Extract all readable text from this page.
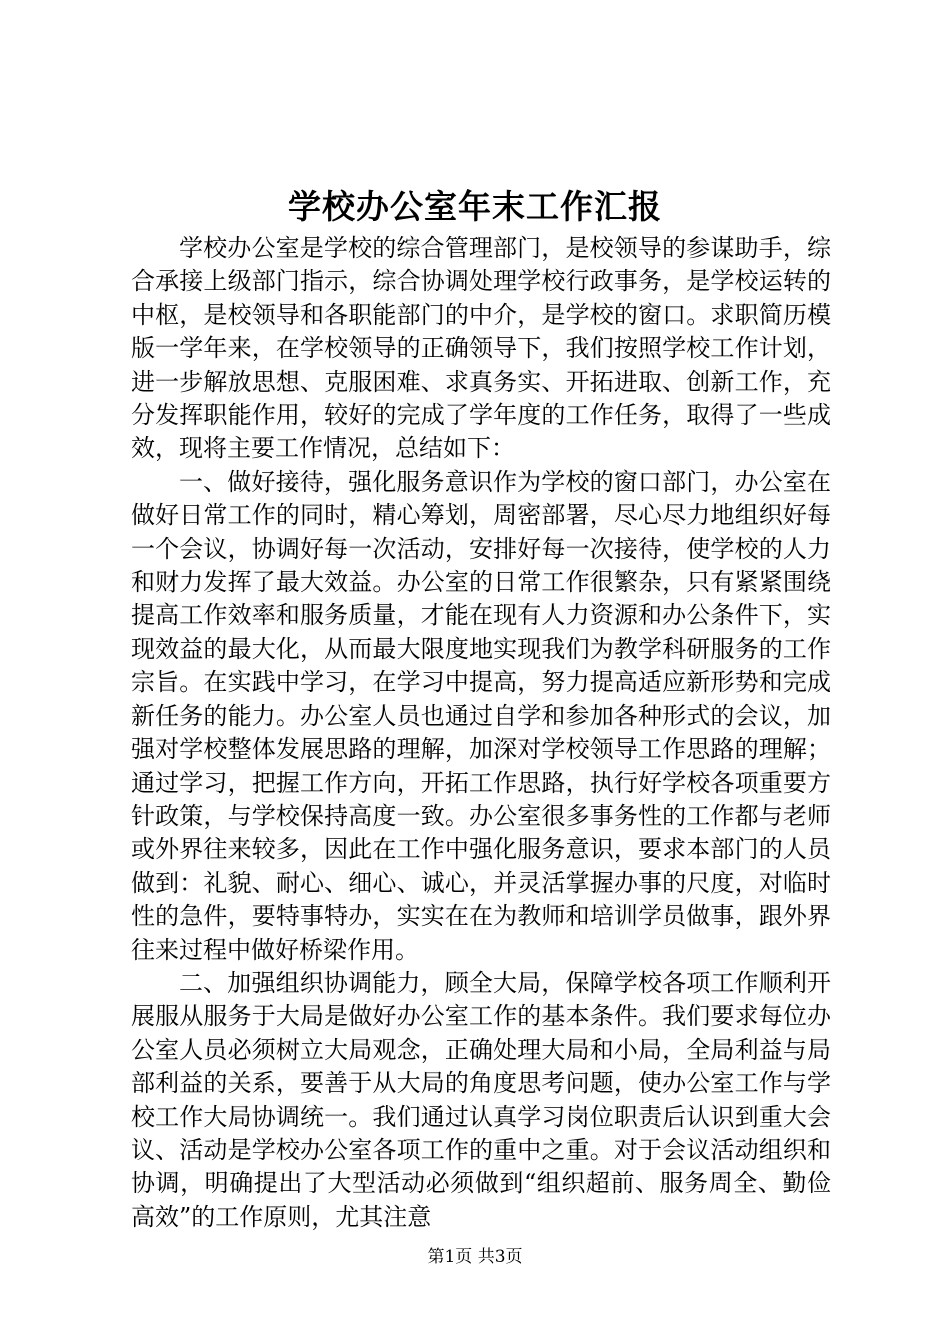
学校办公室年末工作汇报

学校办公室是学校的综合管理部门，是校领导的参谋助手，综合承接上级部门指示，综合协调处理学校行政事务，是学校运转的中枢，是校领导和各职能部门的中介，是学校的窗口。求职简历模版一学年来，在学校领导的正确领导下，我们按照学校工作计划，进一步解放思想、克服困难、求真务实、开拓进取、创新工作，充分发挥职能作用，较好的完成了学年度的工作任务，取得了一些成效，现将主要工作情况，总结如下：

一、做好接待，强化服务意识作为学校的窗口部门，办公室在做好日常工作的同时，精心筹划，周密部署，尽心尽力地组织好每一个会议，协调好每一次活动，安排好每一次接待，使学校的人力和财力发挥了最大效益。办公室的日常工作很繁杂，只有紧紧围绕提高工作效率和服务质量，才能在现有人力资源和办公条件下，实现效益的最大化，从而最大限度地实现我们为教学科研服务的工作宗旨。在实践中学习，在学习中提高，努力提高适应新形势和完成新任务的能力。办公室人员也通过自学和参加各种形式的会议，加强对学校整体发展思路的理解，加深对学校领导工作思路的理解；通过学习，把握工作方向，开拓工作思路，执行好学校各项重要方针政策，与学校保持高度一致。办公室很多事务性的工作都与老师或外界往来较多，因此在工作中强化服务意识，要求本部门的人员做到：礼貌、耐心、细心、诚心，并灵活掌握办事的尺度，对临时性的急件，要特事特办，实实在在为教师和培训学员做事，跟外界往来过程中做好桥梁作用。

二、加强组织协调能力，顾全大局，保障学校各项工作顺利开展服从服务于大局是做好办公室工作的基本条件。我们要求每位办公室人员必须树立大局观念，正确处理大局和小局，全局利益与局部利益的关系，要善于从大局的角度思考问题，使办公室工作与学校工作大局协调统一。我们通过认真学习岗位职责后认识到重大会议、活动是学校办公室各项工作的重中之重。对于会议活动组织和协调，明确提出了大型活动必须做到“组织超前、服务周全、勤俭高效”的工作原则，尤其注意

第1页 共3页
